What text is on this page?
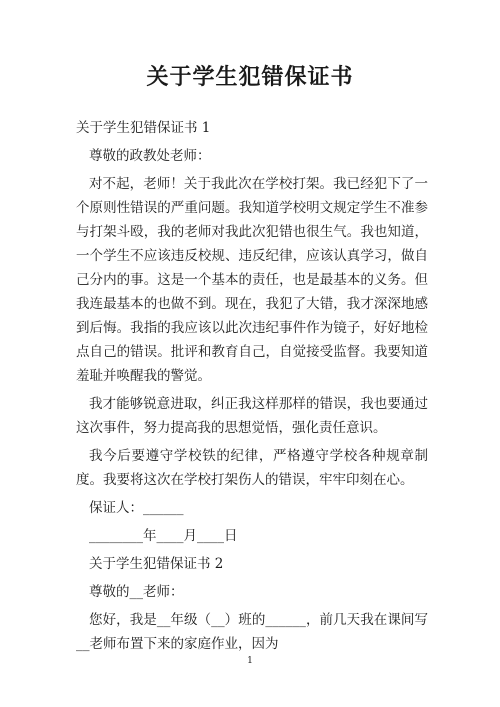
关于学生犯错保证书

关于学生犯错保证书 1

尊敬的政教处老师：

对不起，老师！关于我此次在学校打架。我已经犯下了一个原则性错误的严重问题。我知道学校明文规定学生不准参与打架斗殴，我的老师对我此次犯错也很生气。我也知道，一个学生不应该违反校规、违反纪律，应该认真学习，做自己分内的事。这是一个基本的责任，也是最基本的义务。但我连最基本的也做不到。现在，我犯了大错，我才深深地感到后悔。我指的我应该以此次违纪事件作为镜子，好好地检点自己的错误。批评和教育自己，自觉接受监督。我要知道羞耻并唤醒我的警觉。

我才能够锐意进取，纠正我这样那样的错误，我也要通过这次事件，努力提高我的思想觉悟，强化责任意识。

我今后要遵守学校铁的纪律，严格遵守学校各种规章制度。我要将这次在学校打架伤人的错误，牢牢印刻在心。

保证人：______

________年____月____日

关于学生犯错保证书 2

尊敬的__老师：

您好，我是__年级（__）班的______，前几天我在课间写__老师布置下来的家庭作业，因为

1
